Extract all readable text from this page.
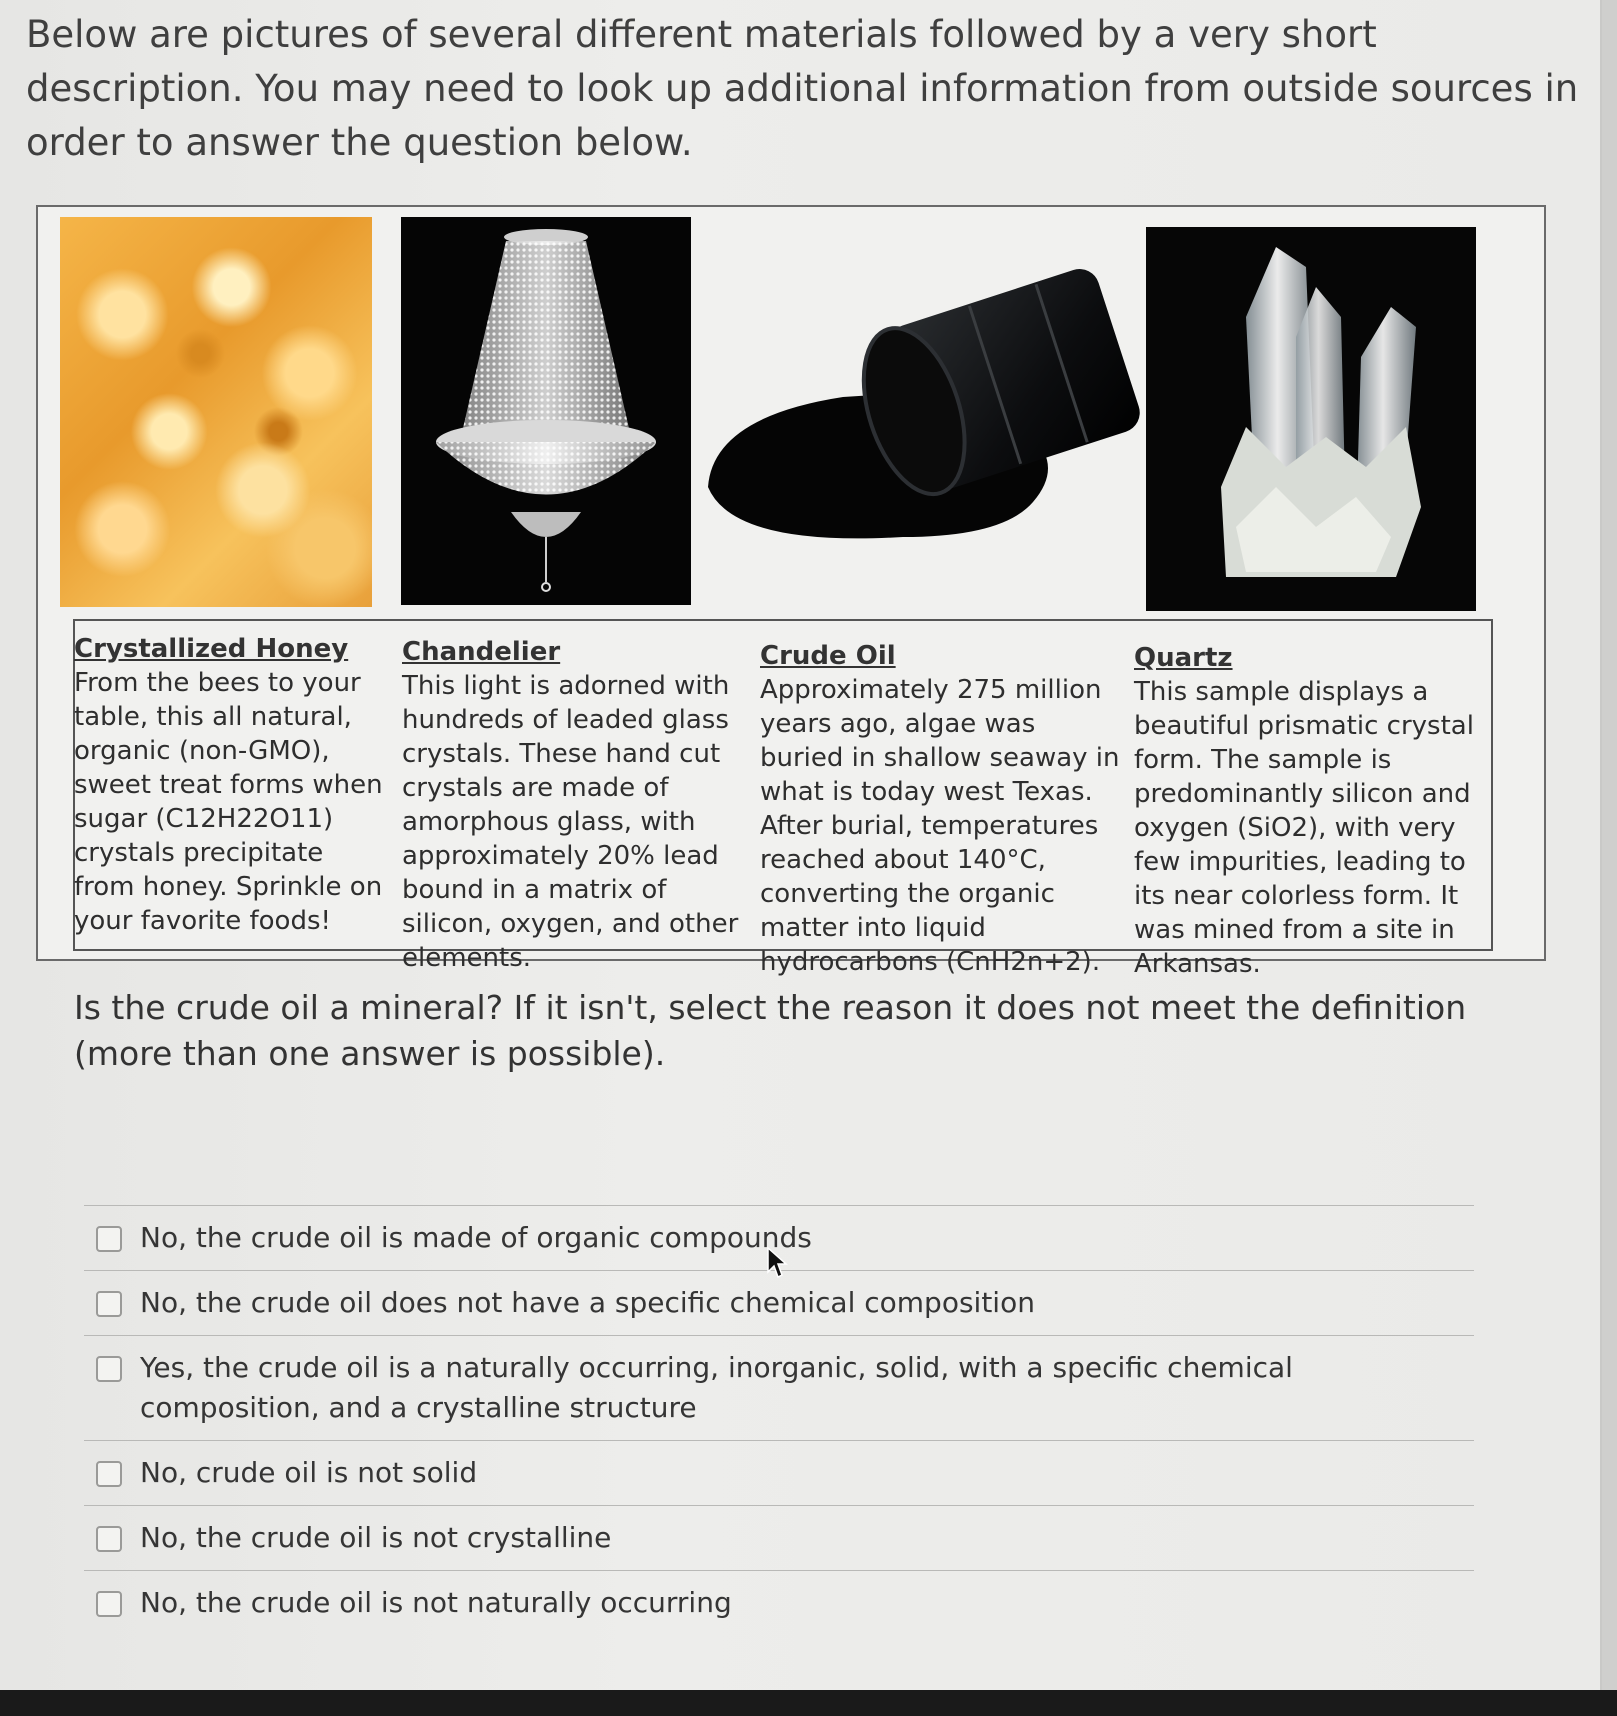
Below are pictures of several different materials followed by a very short description. You may need to look up additional information from outside sources in order to answer the question below.
Crystallized Honey
From the bees to your table, this all natural, organic (non-GMO), sweet treat forms when sugar (C12H22O11) crystals precipitate from honey. Sprinkle on your favorite foods!
Chandelier
This light is adorned with hundreds of leaded glass crystals. These hand cut crystals are made of amorphous glass, with approximately 20% lead bound in a matrix of silicon, oxygen, and other elements.
Crude Oil
Approximately 275 million years ago, algae was buried in shallow seaway in what is today west Texas. After burial, temperatures reached about 140°C, converting the organic matter into liquid hydrocarbons (CnH2n+2).
Quartz
This sample displays a beautiful prismatic crystal form. The sample is predominantly silicon and oxygen (SiO2), with very few impurities, leading to its near colorless form. It was mined from a site in Arkansas.
Is the crude oil a mineral? If it isn't, select the reason it does not meet the definition (more than one answer is possible).
No, the crude oil is made of organic compounds
No, the crude oil does not have a specific chemical composition
Yes, the crude oil is a naturally occurring, inorganic, solid, with a specific chemical composition, and a crystalline structure
No, crude oil is not solid
No, the crude oil is not crystalline
No, the crude oil is not naturally occurring
